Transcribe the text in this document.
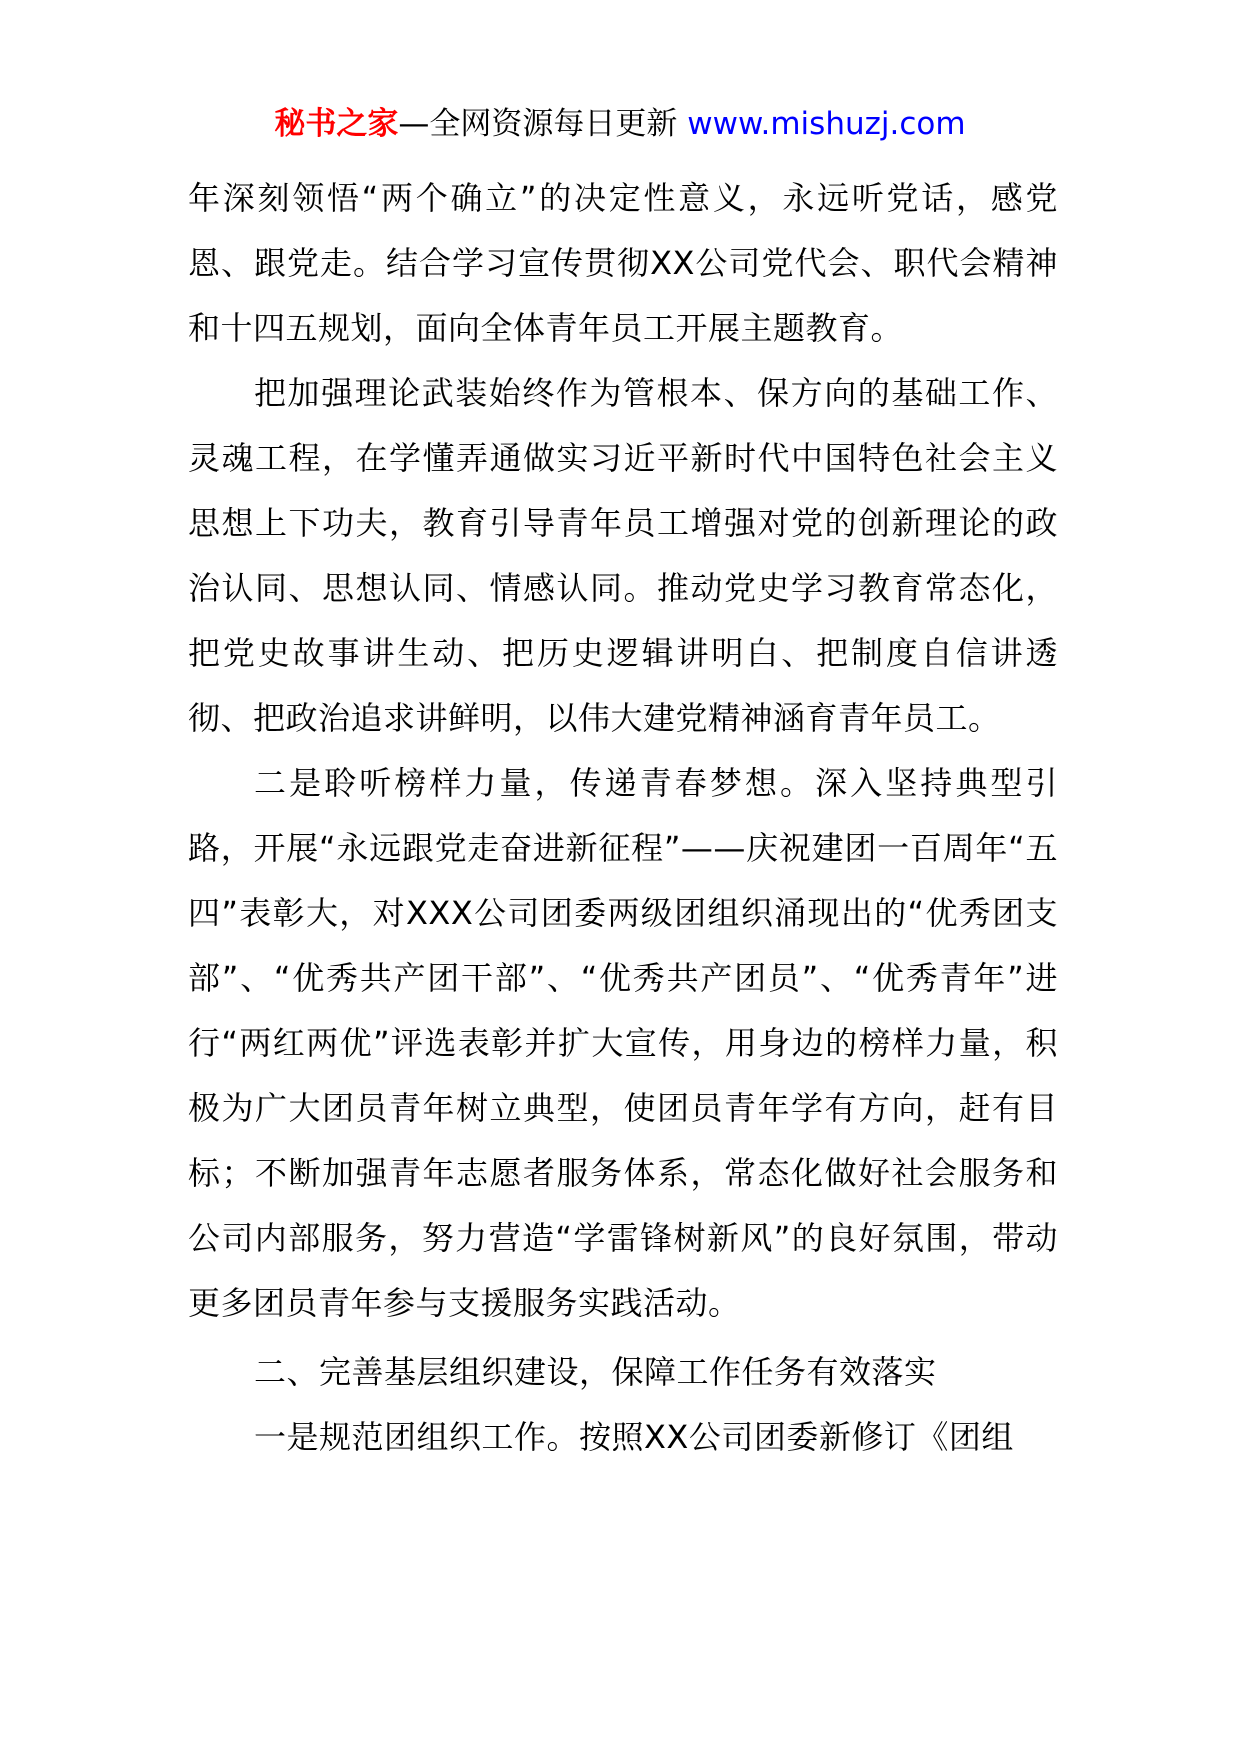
秘书之家—全网资源每日更新 www.mishuzj.com

年深刻领悟“两个确立”的决定性意义，永远听党话，感党恩、跟党走。结合学习宣传贯彻XX公司党代会、职代会精神和十四五规划，面向全体青年员工开展主题教育。

把加强理论武装始终作为管根本、保方向的基础工作、灵魂工程，在学懂弄通做实习近平新时代中国特色社会主义思想上下功夫，教育引导青年员工增强对党的创新理论的政治认同、思想认同、情感认同。推动党史学习教育常态化，把党史故事讲生动、把历史逻辑讲明白、把制度自信讲透彻、把政治追求讲鲜明，以伟大建党精神涵育青年员工。

二是聆听榜样力量，传递青春梦想。深入坚持典型引路，开展“永远跟党走奋进新征程”——庆祝建团一百周年“五四”表彰大，对XXX公司团委两级团组织涌现出的“优秀团支部”、“优秀共产团干部”、“优秀共产团员”、“优秀青年”进行“两红两优”评选表彰并扩大宣传，用身边的榜样力量，积极为广大团员青年树立典型，使团员青年学有方向，赶有目标；不断加强青年志愿者服务体系，常态化做好社会服务和公司内部服务，努力营造“学雷锋树新风”的良好氛围，带动更多团员青年参与支援服务实践活动。

二、完善基层组织建设，保障工作任务有效落实

一是规范团组织工作。按照XX公司团委新修订《团组
